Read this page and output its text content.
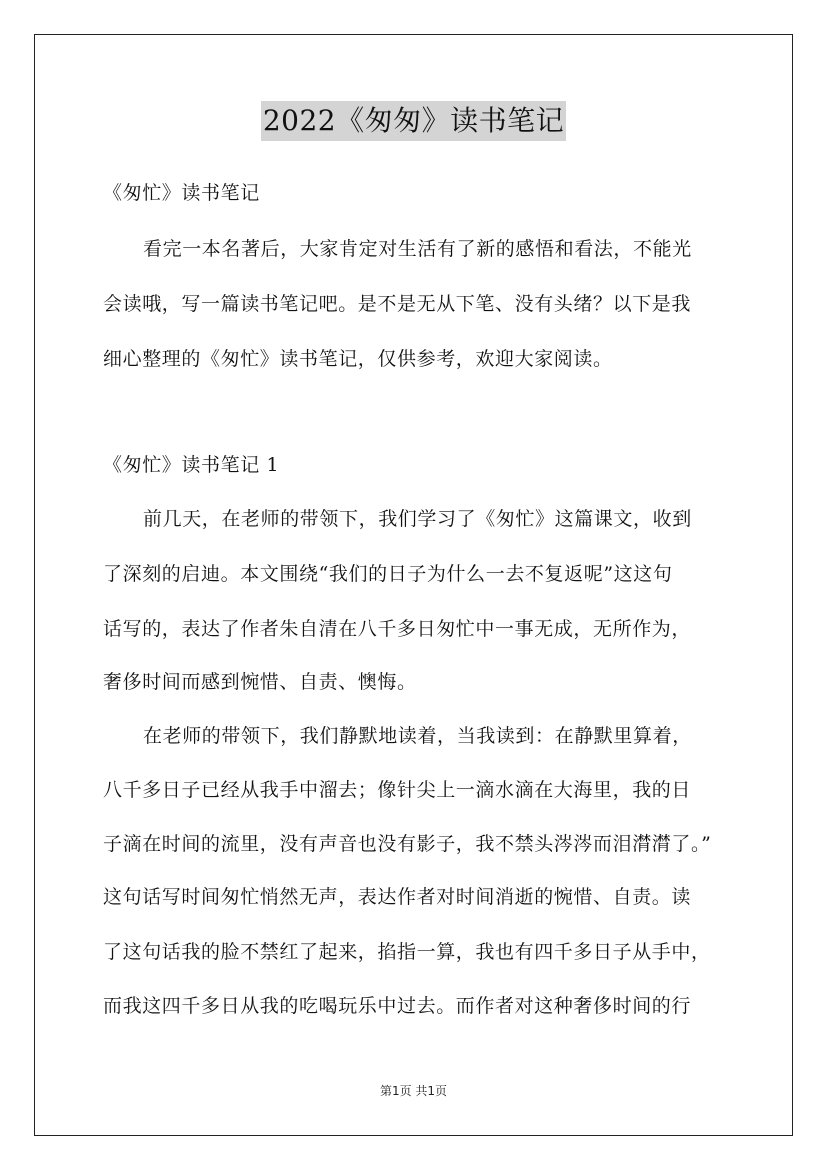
2022《匆匆》读书笔记
《匆忙》读书笔记
看完一本名著后，大家肯定对生活有了新的感悟和看法，不能光
会读哦，写一篇读书笔记吧。是不是无从下笔、没有头绪？以下是我
细心整理的《匆忙》读书笔记，仅供参考，欢迎大家阅读。
《匆忙》读书笔记 1
前几天，在老师的带领下，我们学习了《匆忙》这篇课文，收到
了深刻的启迪。本文围绕“我们的日子为什么一去不复返呢”这这句
话写的，表达了作者朱自清在八千多日匆忙中一事无成，无所作为，
奢侈时间而感到惋惜、自责、懊悔。
在老师的带领下，我们静默地读着，当我读到：在静默里算着，
八千多日子已经从我手中溜去；像针尖上一滴水滴在大海里，我的日
子滴在时间的流里，没有声音也没有影子，我不禁头涔涔而泪潸潸了。”
这句话写时间匆忙悄然无声，表达作者对时间消逝的惋惜、自责。读
了这句话我的脸不禁红了起来，掐指一算，我也有四千多日子从手中，
而我这四千多日从我的吃喝玩乐中过去。而作者对这种奢侈时间的行
第1页 共1页
